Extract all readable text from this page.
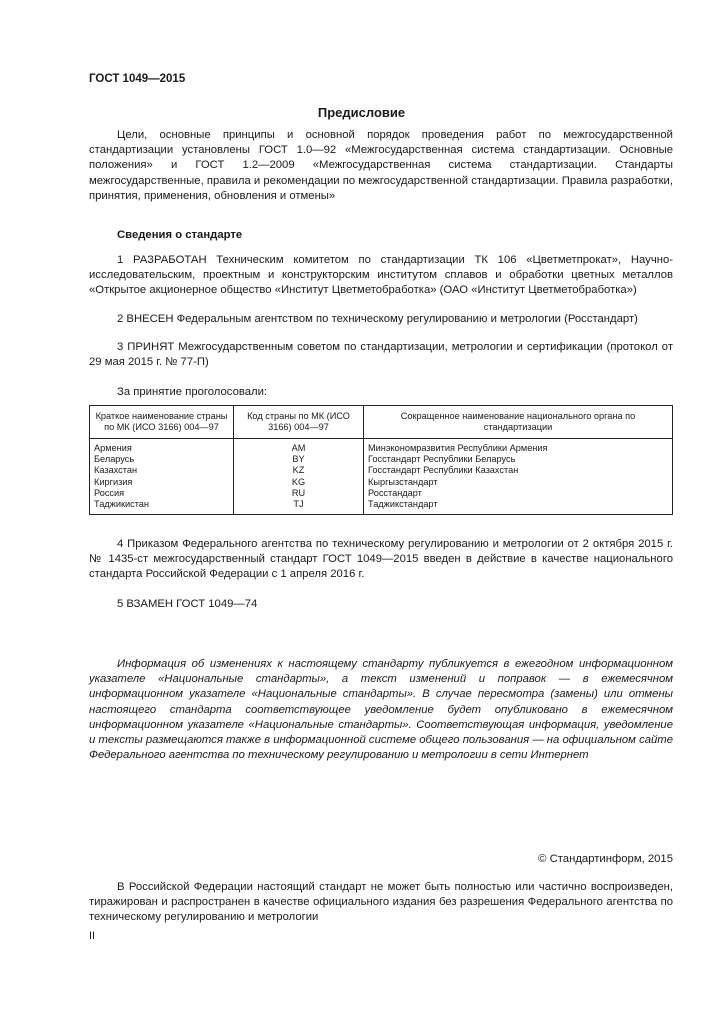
ГОСТ 1049—2015
Предисловие
Цели, основные принципы и основной порядок проведения работ по межгосударственной стандартизации установлены ГОСТ 1.0—92 «Межгосударственная система стандартизации. Основные положения» и ГОСТ 1.2—2009 «Межгосударственная система стандартизации. Стандарты межгосударственные, правила и рекомендации по межгосударственной стандартизации. Правила разработки, принятия, применения, обновления и отмены»
Сведения о стандарте
1 РАЗРАБОТАН Техническим комитетом по стандартизации ТК 106 «Цветметпрокат», Научно-исследовательским, проектным и конструкторским институтом сплавов и обработки цветных металлов «Открытое акционерное общество «Институт Цветметобработка» (ОАО «Институт Цветметобработка»)
2 ВНЕСЕН Федеральным агентством по техническому регулированию и метрологии (Росстандарт)
3 ПРИНЯТ Межгосударственным советом по стандартизации, метрологии и сертификации (протокол от 29 мая 2015 г. № 77-П)
За принятие проголосовали:
Краткое наименование страны по МК (ИСО 3166) 004—97	Код страны по МК (ИСО 3166) 004—97	Сокращенное наименование национального органа по стандартизации
Армения	AM	Минэкономразвития Республики Армения
Беларусь	BY	Госстандарт Республики Беларусь
Казахстан	KZ	Госстандарт Республики Казахстан
Киргизия	KG	Кыргызстандарт
Россия	RU	Росстандарт
Таджикистан	TJ	Таджикстандарт
4 Приказом Федерального агентства по техническому регулированию и метрологии от 2 октября 2015 г. № 1435-ст межгосударственный стандарт ГОСТ 1049—2015 введен в действие в качестве национального стандарта Российской Федерации с 1 апреля 2016 г.
5 ВЗАМЕН ГОСТ 1049—74
Информация об изменениях к настоящему стандарту публикуется в ежегодном информационном указателе «Национальные стандарты», а текст изменений и поправок — в ежемесячном информационном указателе «Национальные стандарты». В случае пересмотра (замены) или отмены настоящего стандарта соответствующее уведомление будет опубликовано в ежемесячном информационном указателе «Национальные стандарты». Соответствующая информация, уведомление и тексты размещаются также в информационной системе общего пользования — на официальном сайте Федерального агентства по техническому регулированию и метрологии в сети Интернет
© Стандартинформ, 2015
В Российской Федерации настоящий стандарт не может быть полностью или частично воспроизведен, тиражирован и распространен в качестве официального издания без разрешения Федерального агентства по техническому регулированию и метрологии
II
